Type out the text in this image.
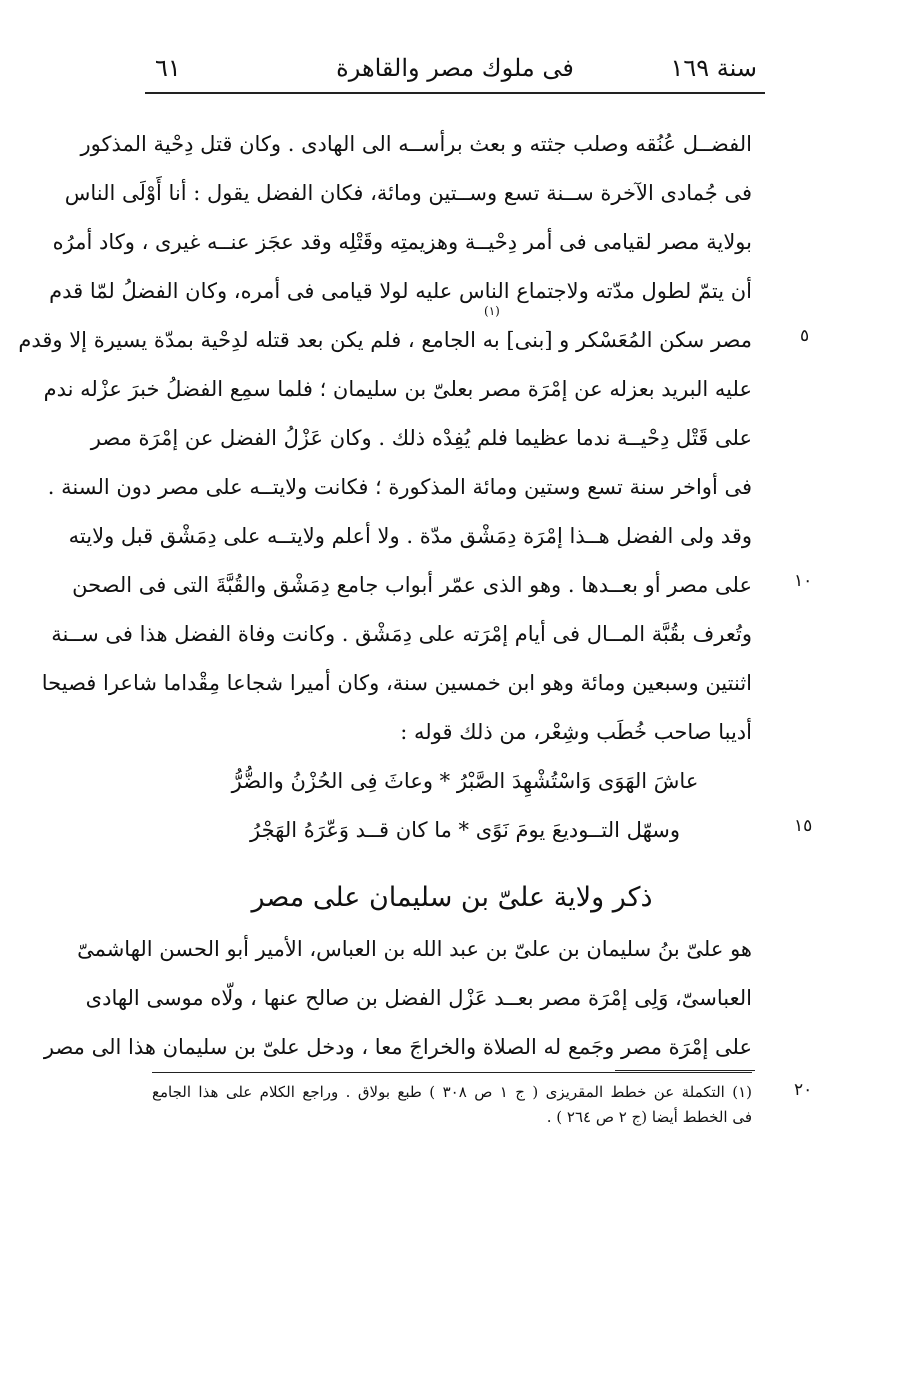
سنة ١٦٩
فى ملوك مصر والقاهرة
٦١
الفضــل عُنُقه وصلب جثته و بعث برأســه الى الهادى . وكان قتل دِحْية المذكور
فى جُمادى الآخرة ســنة تسع وســتين ومائة، فكان الفضل يقول : أنا أَوْلَى الناس
بولاية مصر لقيامى فى أمر دِحْيــة وهزيمتِه وقَتْلِه وقد عجَز عنــه غيرى ، وكاد أمرُه
أن يتمّ لطول مدّته ولاجتماع الناس عليه لولا قيامى فى أمره، وكان الفضلُ لمّا قدم
مصر سكن المُعَسْكر و [بنى] به الجامع ، فلم يكن بعد قتله لدِحْية بمدّة يسيرة إلا وقدم
عليه البريد بعزله عن إمْرَة مصر بعلىّ بن سليمان ؛ فلما سمِع الفضلُ خبرَ عزْله ندم
على قَتْل دِحْيــة ندما عظيما فلم يُفِدْه ذلك . وكان عَزْلُ الفضل عن إمْرَة مصر
فى أواخر سنة تسع وستين ومائة المذكورة ؛ فكانت ولايتــه على مصر دون السنة .
وقد ولى الفضل هــذا إمْرَة دِمَشْق مدّة . ولا أعلم ولايتــه على دِمَشْق قبل ولايته
على مصر أو بعــدها . وهو الذى عمّر أبواب جامع دِمَشْق والقُبَّةَ التى فى الصحن
وتُعرف بقُبَّة المــال فى أيام إمْرَته على دِمَشْق . وكانت وفاة الفضل هذا فى ســنة
اثنتين وسبعين ومائة وهو ابن خمسين سنة، وكان أميرا شجاعا مِقْداما شاعرا فصيحا
أديبا صاحب خُطَب وشِعْر، من ذلك قوله :
(١)
عاشَ الهَوَى وَاسْتُشْهِدَ الصَّبْرُ * وعاثَ فِى الحُزْنُ والضُّرُّ
وسهّل التــوديعَ يومَ نَوًى * ما كان قــد وَعّرَهُ الهَجْرُ
ذكر ولاية علىّ بن سليمان على مصر
هو علىّ بنُ سليمان بن علىّ بن عبد الله بن العباس، الأمير أبو الحسن الهاشمىّ
العباسىّ، وَلِى إمْرَة مصر بعــد عَزْل الفضل بن صالح عنها ، ولّاه موسى الهادى
على إمْرَة مصر وجَمع له الصلاة والخراجَ معا ، ودخل علىّ بن سليمان هذا الى مصر
(١) التكملة عن خطط المقريزى ( ج ١ ص ٣٠٨ ) طبع بولاق . وراجع الكلام على هذا الجامع
فى الخطط أيضا (ج ٢ ص ٢٦٤ ) .
٥
١٠
١٥
٢٠
